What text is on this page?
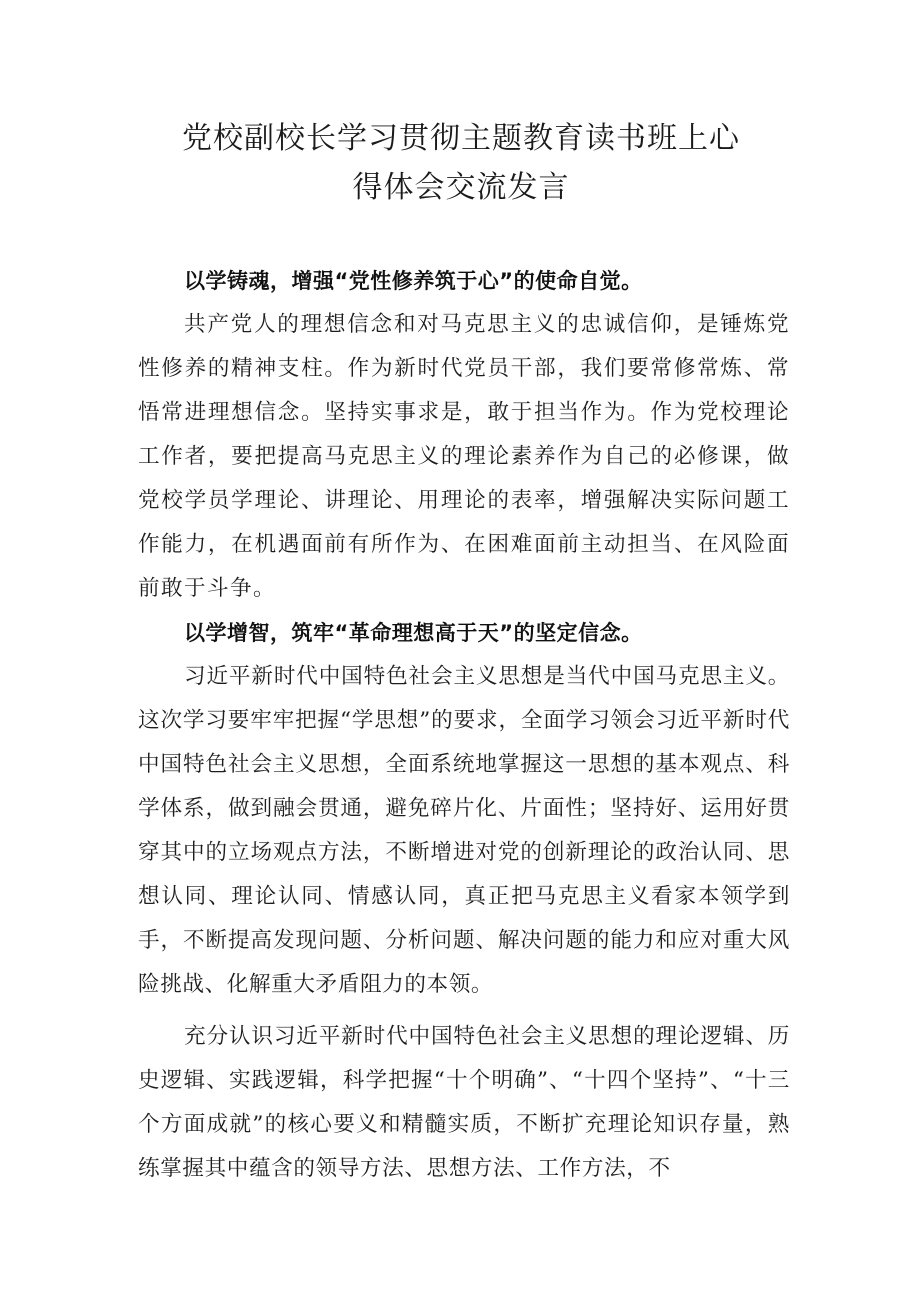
党校副校长学习贯彻主题教育读书班上心
得体会交流发言

以学铸魂，增强“党性修养筑于心”的使命自觉。

共产党人的理想信念和对马克思主义的忠诚信仰，是锤炼党性修养的精神支柱。作为新时代党员干部，我们要常修常炼、常悟常进理想信念。坚持实事求是，敢于担当作为。作为党校理论工作者，要把提高马克思主义的理论素养作为自己的必修课，做党校学员学理论、讲理论、用理论的表率，增强解决实际问题工作能力，在机遇面前有所作为、在困难面前主动担当、在风险面前敢于斗争。

以学增智，筑牢“革命理想高于天”的坚定信念。

习近平新时代中国特色社会主义思想是当代中国马克思主义。这次学习要牢牢把握“学思想”的要求，全面学习领会习近平新时代中国特色社会主义思想，全面系统地掌握这一思想的基本观点、科学体系，做到融会贯通，避免碎片化、片面性；坚持好、运用好贯穿其中的立场观点方法，不断增进对党的创新理论的政治认同、思想认同、理论认同、情感认同，真正把马克思主义看家本领学到手，不断提高发现问题、分析问题、解决问题的能力和应对重大风险挑战、化解重大矛盾阻力的本领。

充分认识习近平新时代中国特色社会主义思想的理论逻辑、历史逻辑、实践逻辑，科学把握“十个明确”、“十四个坚持”、“十三个方面成就”的核心要义和精髓实质，不断扩充理论知识存量，熟练掌握其中蕴含的领导方法、思想方法、工作方法，不
